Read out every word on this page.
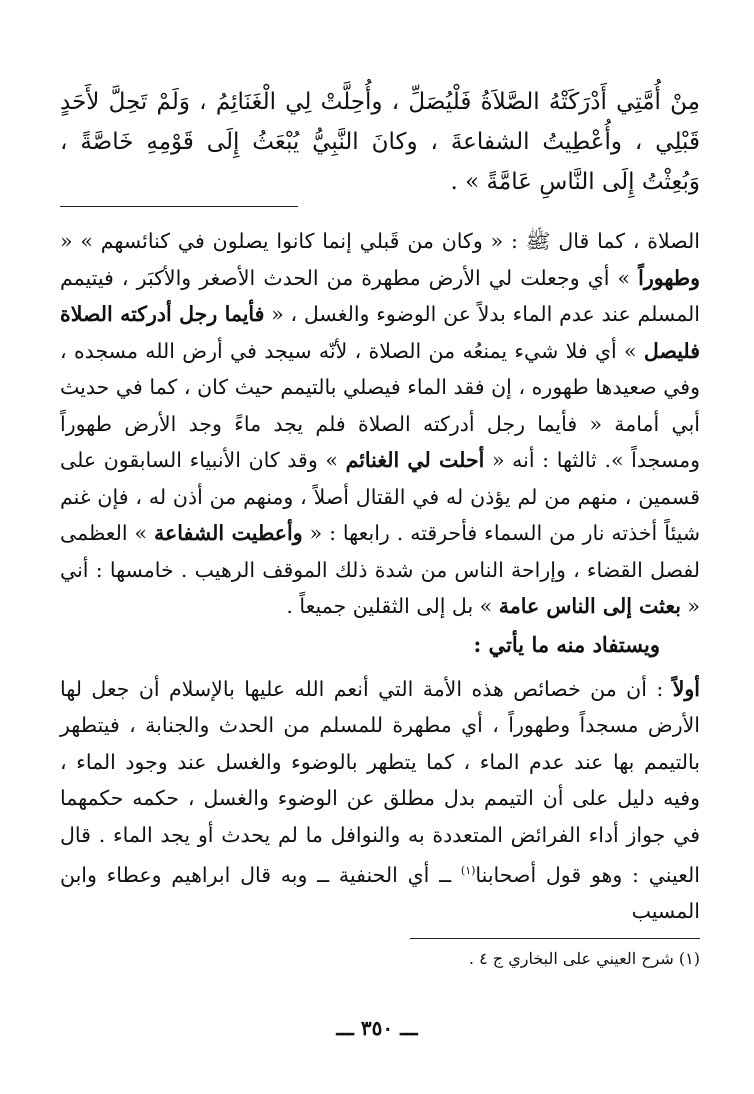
مِنْ أُمَّتِي أَدْرَكَتْهُ الصَّلاَةُ فَلْيُصَلِّ ، وأُحِلَّتْ لِي الْغَنَائِمُ ، وَلَمْ تَحِلَّ لأَحَدٍ قَبْلِي ، وأُعْطِيتُ الشفاعةَ ، وكانَ النَّبِيُّ يُبْعَثُ إِلَى قَوْمِهِ خَاصَّةً ، وَبُعِثْتُ إِلَى النَّاسِ عَامَّةً » .

الصلاة ، كما قال ﷺ : « وكان من قَبلي إنما كانوا يصلون في كنائسهم » « وطهوراً » أي وجعلت لي الأرض مطهرة من الحدث الأصغر والأكبَر ، فيتيمم المسلم عند عدم الماء بدلاً عن الوضوء والغسل ، « فأيما رجل أدركته الصلاة فليصل » أي فلا شيء يمنعُه من الصلاة ، لأنّه سيجد في أرض الله مسجده ، وفي صعيدها طهوره ، إن فقد الماء فيصلي بالتيمم حيث كان ، كما في حديث أبي أمامة « فأيما رجل أدركته الصلاة فلم يجد ماءً وجد الأرض طهوراً ومسجداً ». ثالثها : أنه « أحلت لي الغنائم » وقد كان الأنبياء السابقون على قسمين ، منهم من لم يؤذن له في القتال أصلاً ، ومنهم من أذن له ، فإن غنم شيئاً أخذته نار من السماء فأحرقته . رابعها : « وأعطيت الشفاعة » العظمى لفصل القضاء ، وإراحة الناس من شدة ذلك الموقف الرهيب . خامسها : أني « بعثت إلى الناس عامة » بل إلى الثقلين جميعاً .

ويستفاد منه ما يأتي :

أولاً : أن من خصائص هذه الأمة التي أنعم الله عليها بالإسلام أن جعل لها الأرض مسجداً وطهوراً ، أي مطهرة للمسلم من الحدث والجنابة ، فيتطهر بالتيمم بها عند عدم الماء ، كما يتطهر بالوضوء والغسل عند وجود الماء ، وفيه دليل على أن التيمم بدل مطلق عن الوضوء والغسل ، حكمه حكمهما في جواز أداء الفرائض المتعددة به والنوافل ما لم يحدث أو يجد الماء . قال العيني : وهو قول أصحابنا$^{(١)}$ ــ أي الحنفية ــ وبه قال ابراهيم وعطاء وابن المسيب

(١) شرح العيني على البخاري ج ٤ .

ـــ ٣٥٠ ـــ
